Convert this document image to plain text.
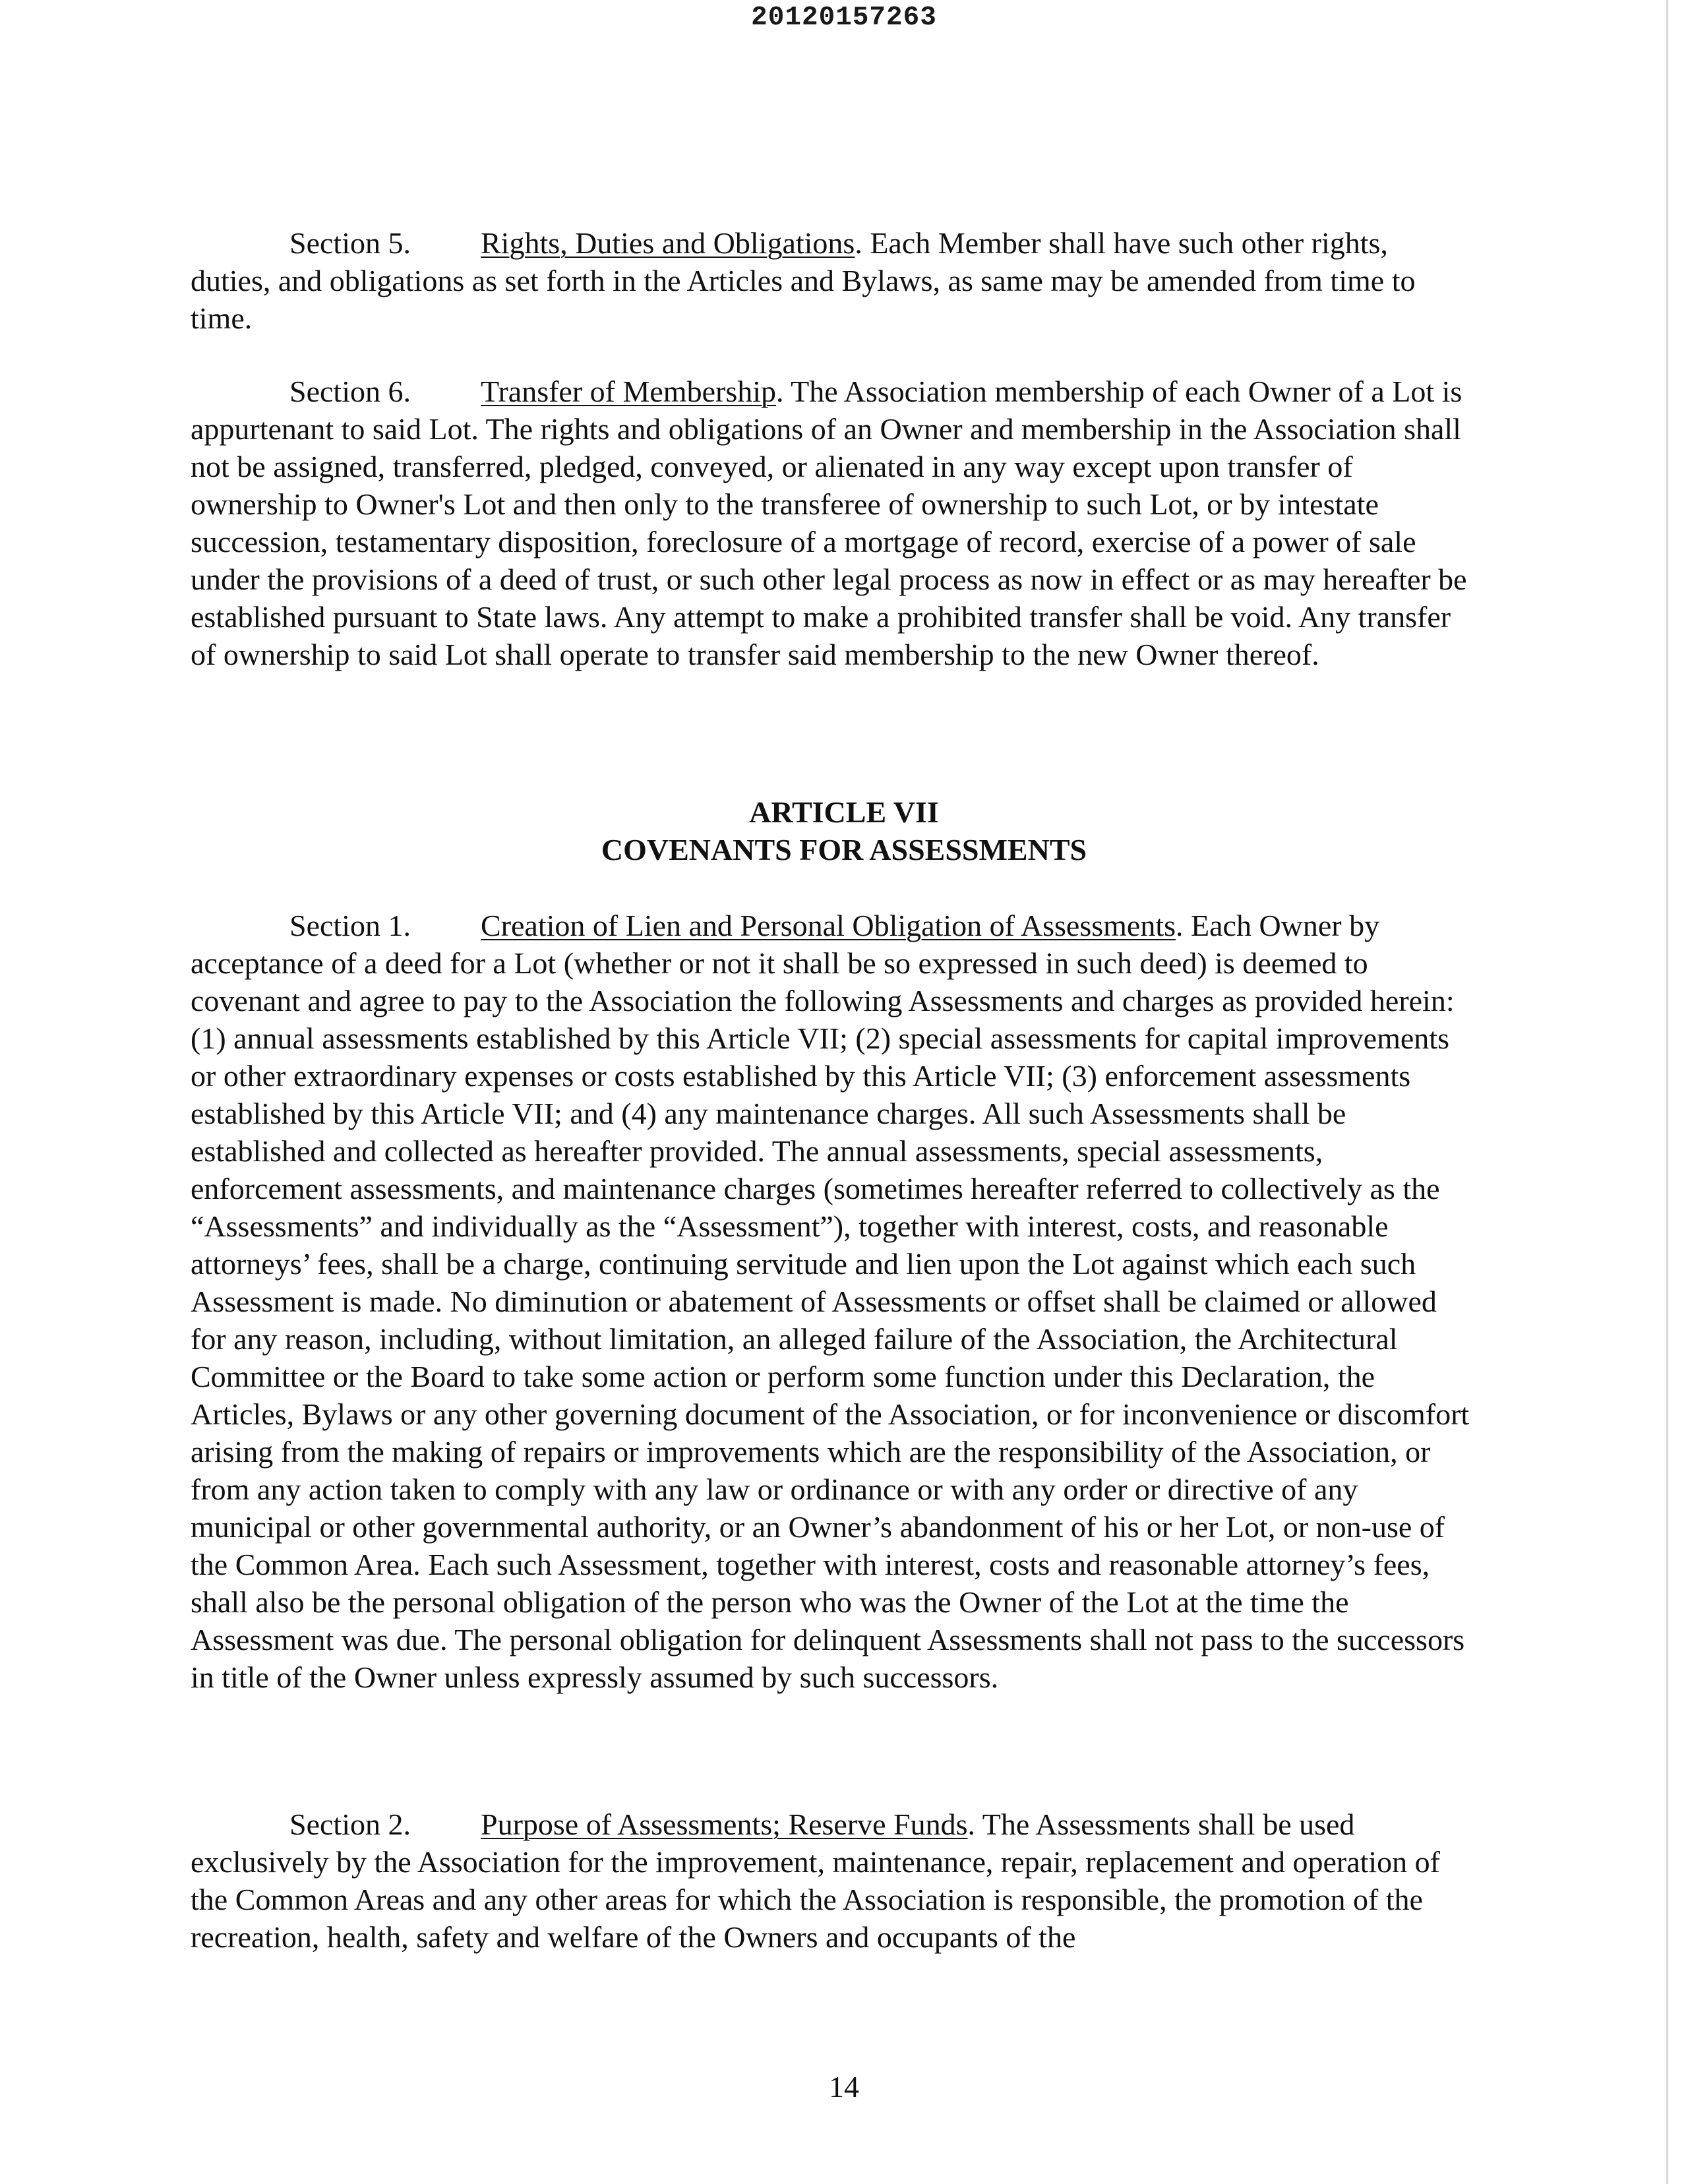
20120157263

Section 5. Rights, Duties and Obligations. Each Member shall have such other rights, duties, and obligations as set forth in the Articles and Bylaws, as same may be amended from time to time.

Section 6. Transfer of Membership. The Association membership of each Owner of a Lot is appurtenant to said Lot. The rights and obligations of an Owner and membership in the Association shall not be assigned, transferred, pledged, conveyed, or alienated in any way except upon transfer of ownership to Owner's Lot and then only to the transferee of ownership to such Lot, or by intestate succession, testamentary disposition, foreclosure of a mortgage of record, exercise of a power of sale under the provisions of a deed of trust, or such other legal process as now in effect or as may hereafter be established pursuant to State laws. Any attempt to make a prohibited transfer shall be void. Any transfer of ownership to said Lot shall operate to transfer said membership to the new Owner thereof.

ARTICLE VII
COVENANTS FOR ASSESSMENTS

Section 1. Creation of Lien and Personal Obligation of Assessments. Each Owner by acceptance of a deed for a Lot (whether or not it shall be so expressed in such deed) is deemed to covenant and agree to pay to the Association the following Assessments and charges as provided herein: (1) annual assessments established by this Article VII; (2) special assessments for capital improvements or other extraordinary expenses or costs established by this Article VII; (3) enforcement assessments established by this Article VII; and (4) any maintenance charges. All such Assessments shall be established and collected as hereafter provided. The annual assessments, special assessments, enforcement assessments, and maintenance charges (sometimes hereafter referred to collectively as the “Assessments” and individually as the “Assessment”), together with interest, costs, and reasonable attorneys’ fees, shall be a charge, continuing servitude and lien upon the Lot against which each such Assessment is made. No diminution or abatement of Assessments or offset shall be claimed or allowed for any reason, including, without limitation, an alleged failure of the Association, the Architectural Committee or the Board to take some action or perform some function under this Declaration, the Articles, Bylaws or any other governing document of the Association, or for inconvenience or discomfort arising from the making of repairs or improvements which are the responsibility of the Association, or from any action taken to comply with any law or ordinance or with any order or directive of any municipal or other governmental authority, or an Owner’s abandonment of his or her Lot, or non-use of the Common Area. Each such Assessment, together with interest, costs and reasonable attorney’s fees, shall also be the personal obligation of the person who was the Owner of the Lot at the time the Assessment was due. The personal obligation for delinquent Assessments shall not pass to the successors in title of the Owner unless expressly assumed by such successors.

Section 2. Purpose of Assessments; Reserve Funds. The Assessments shall be used exclusively by the Association for the improvement, maintenance, repair, replacement and operation of the Common Areas and any other areas for which the Association is responsible, the promotion of the recreation, health, safety and welfare of the Owners and occupants of the

14
